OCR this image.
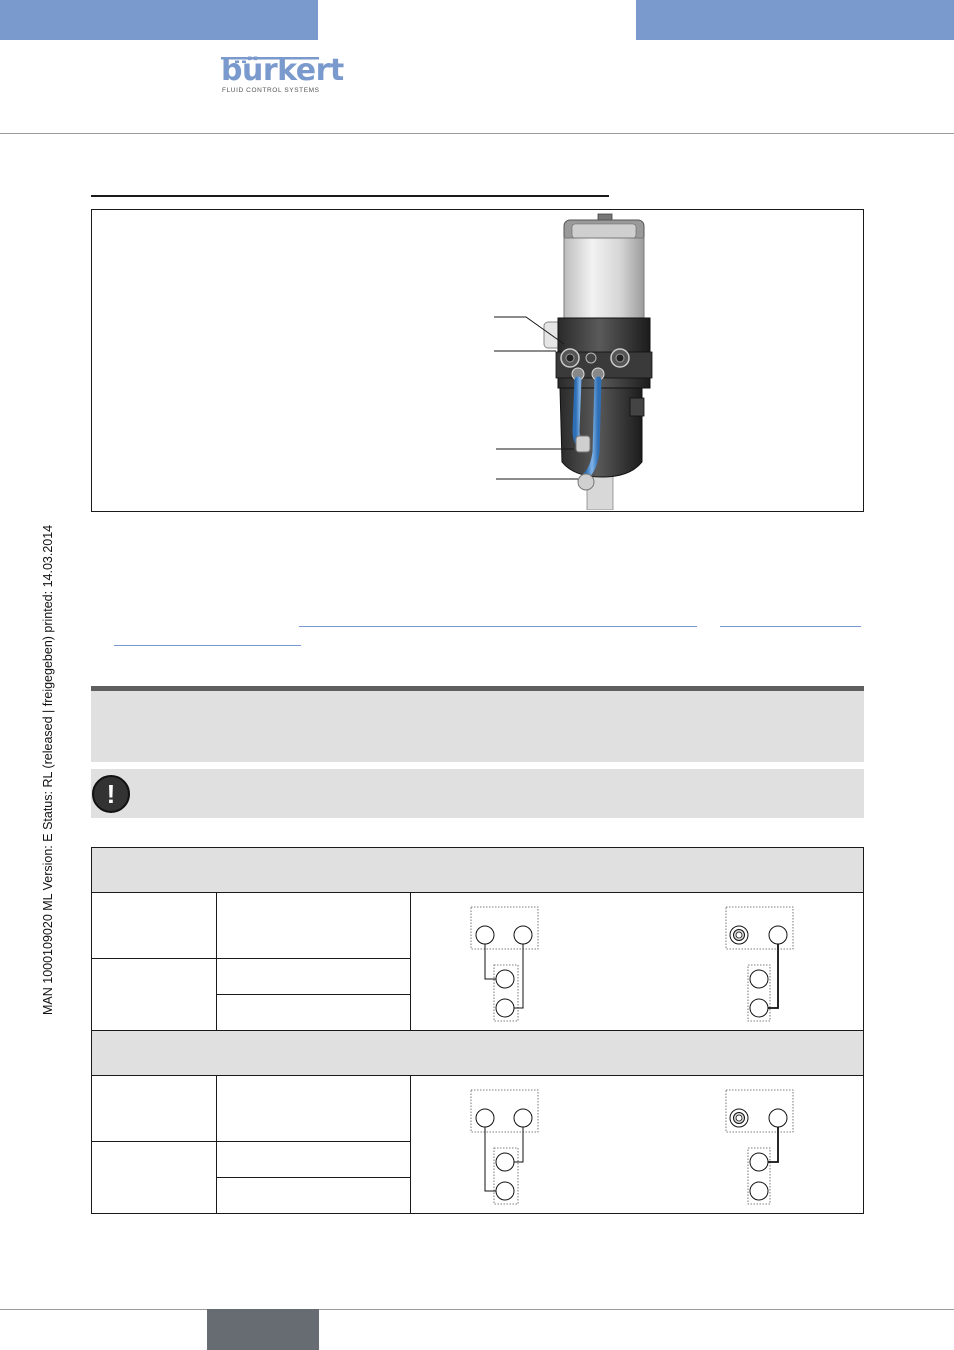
bürkert
FLUID CONTROL SYSTEMS
MAN 1000109020 ML Version: E Status: RL (released | freigegeben) printed: 14.03.2014	!
